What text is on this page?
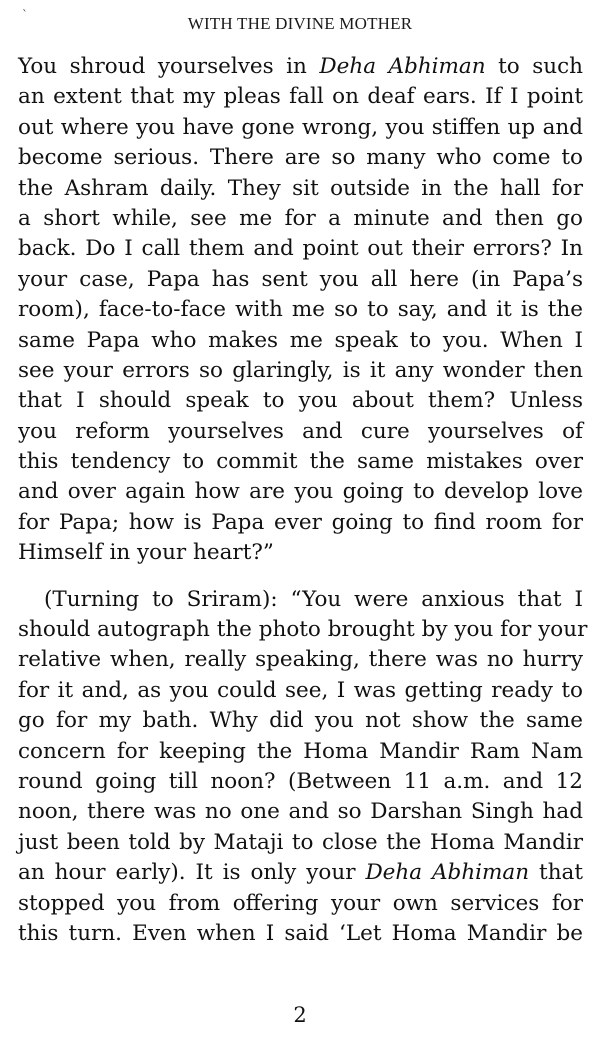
`	WITH THE DIVINE MOTHER
You shroud yourselves in Deha Abhiman to such
an extent that my pleas fall on deaf ears. If I point
out where you have gone wrong, you stiffen up and
become serious. There are so many who come to
the Ashram daily. They sit outside in the hall for
a short while, see me for a minute and then go
back. Do I call them and point out their errors? In
your case, Papa has sent you all here (in Papa’s
room), face-to-face with me so to say, and it is the
same Papa who makes me speak to you. When I
see your errors so glaringly, is it any wonder then
that I should speak to you about them? Unless
you reform yourselves and cure yourselves of
this tendency to commit the same mistakes over
and over again how are you going to develop love
for Papa; how is Papa ever going to find room for
Himself in your heart?”
(Turning to Sriram): “You were anxious that I
should autograph the photo brought by you for your
relative when, really speaking, there was no hurry
for it and, as you could see, I was getting ready to
go for my bath. Why did you not show the same
concern for keeping the Homa Mandir Ram Nam
round going till noon? (Between 11 a.m. and 12
noon, there was no one and so Darshan Singh had
just been told by Mataji to close the Homa Mandir
an hour early). It is only your Deha Abhiman that
stopped you from offering your own services for
this turn. Even when I said ‘Let Homa Mandir be
2
